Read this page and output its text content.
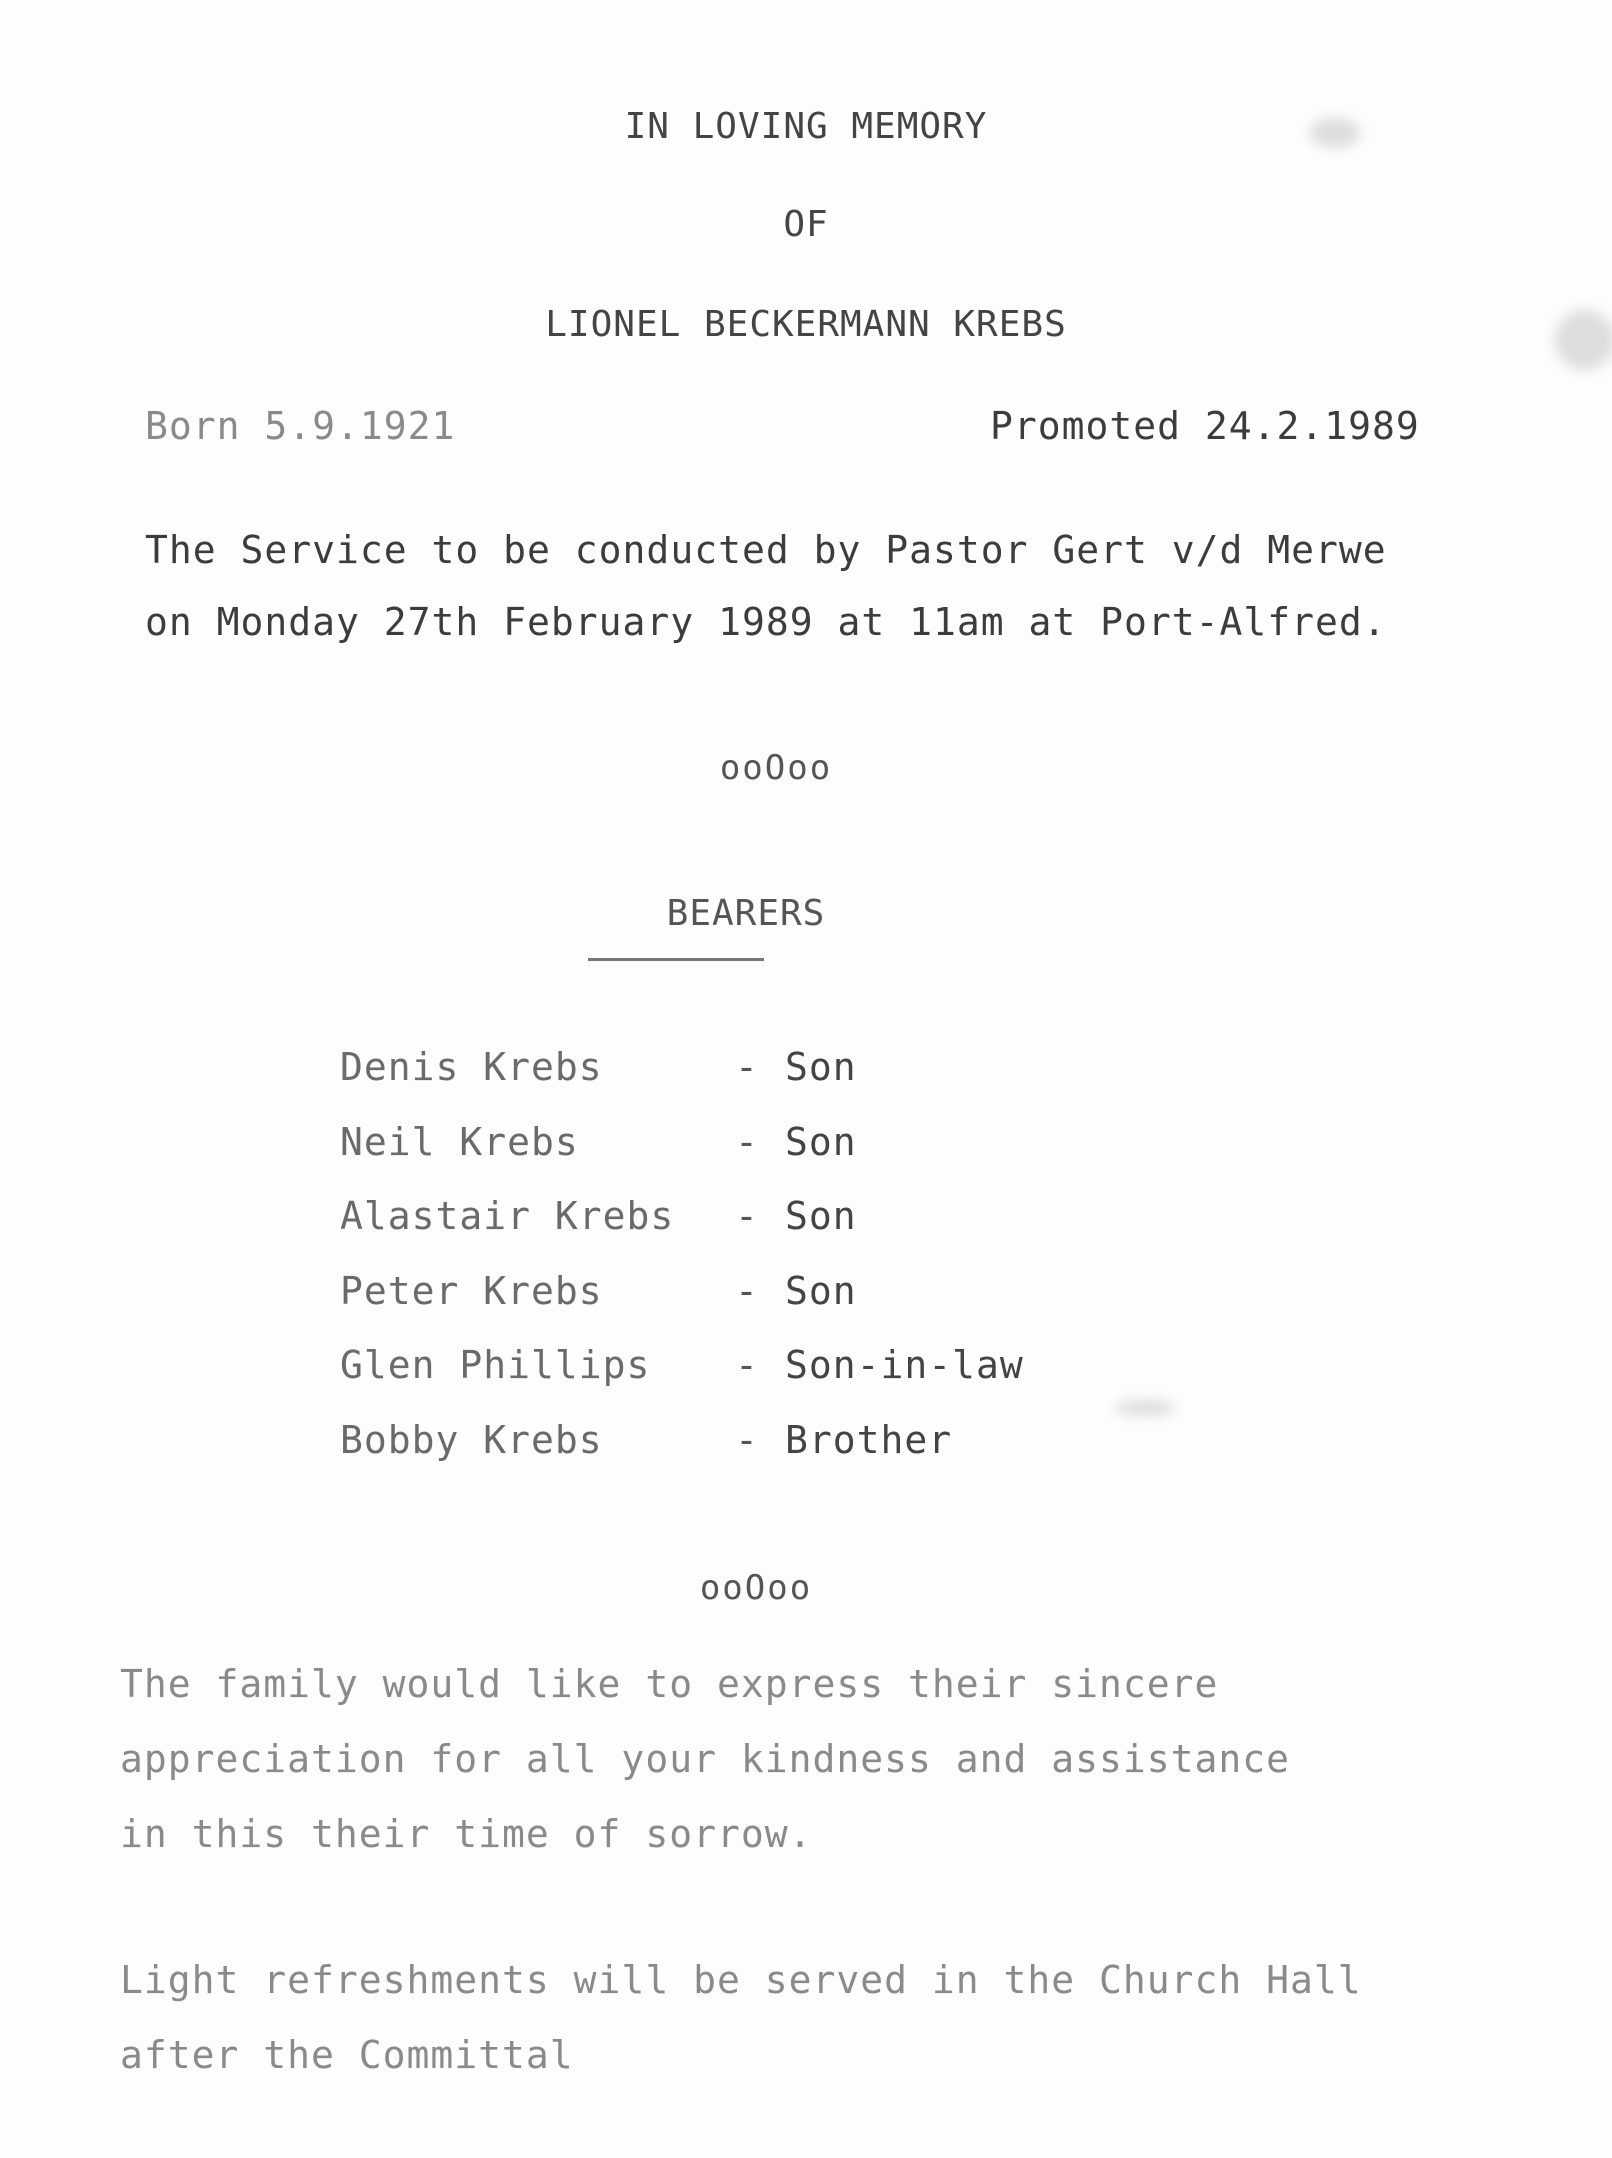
IN LOVING MEMORY
OF
LIONEL BECKERMANN KREBS
Born 5.9.1921	Promoted 24.2.1989
The Service to be conducted by Pastor Gert v/d Merwe
on Monday 27th February 1989 at 11am at Port-Alfred.
ooOoo
BEARERS
Denis Krebs	- Son
Neil Krebs	- Son
Alastair Krebs - Son
Peter Krebs	- Son
Glen Phillips - Son-in-law
Bobby Krebs	- Brother
ooOoo
The family would like to express their sincere
appreciation for all your kindness and assistance
in this their time of sorrow.
Light refreshments will be served in the Church Hall
after the Committal
